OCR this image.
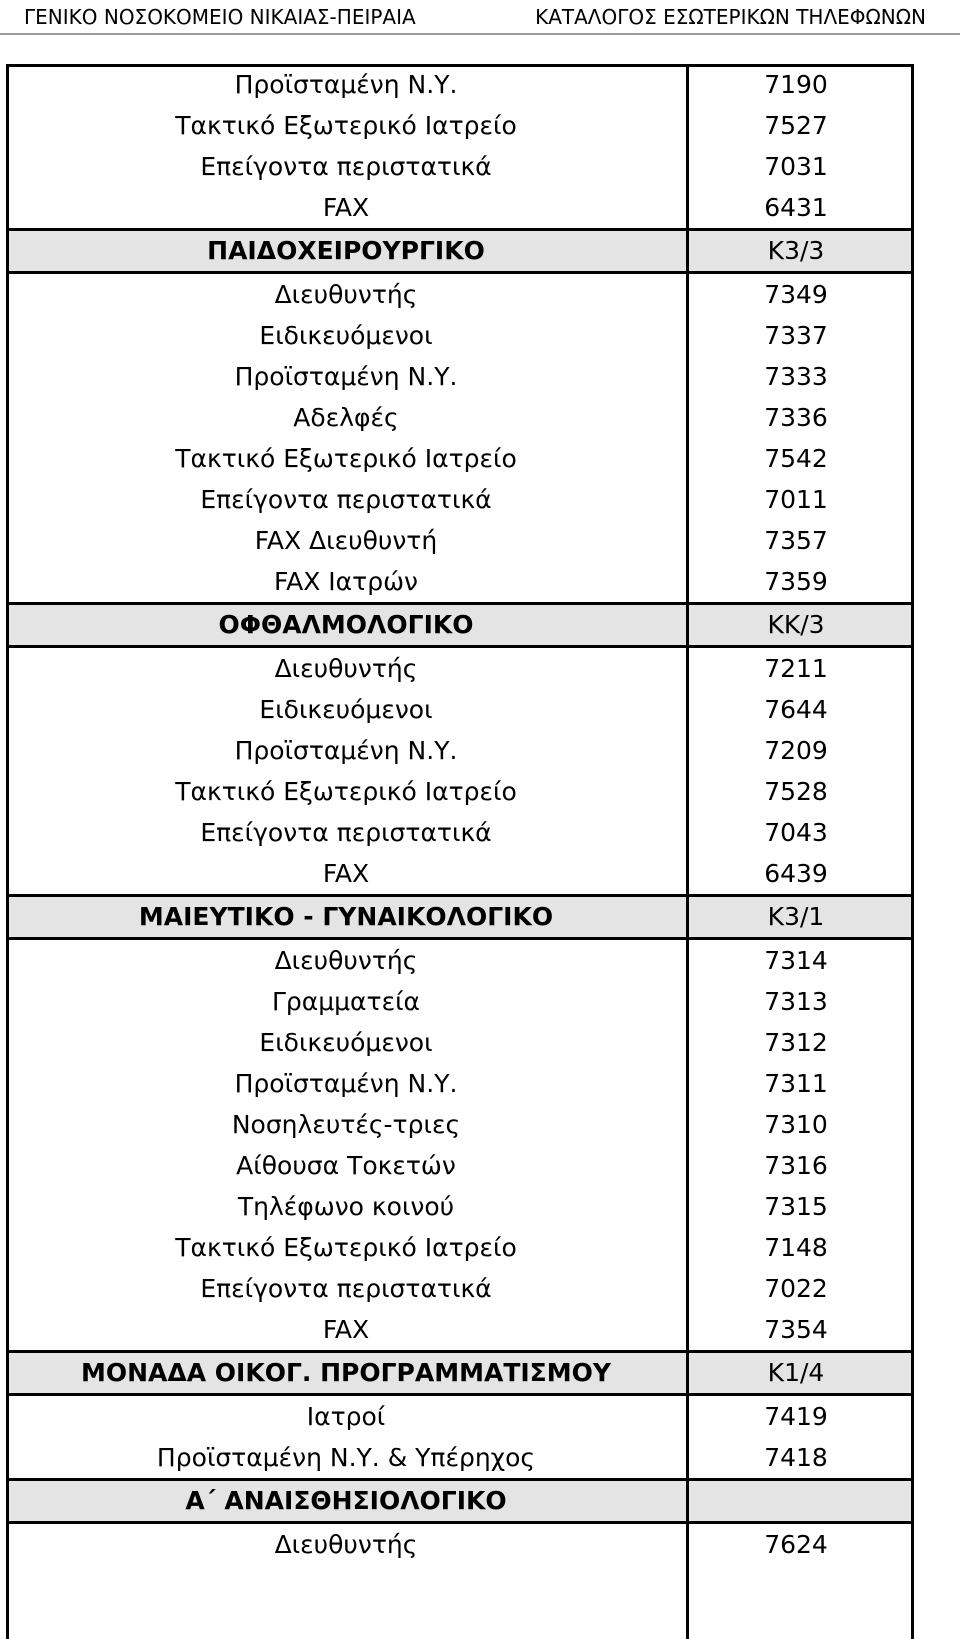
ΓΕΝΙΚΟ ΝΟΣΟΚΟΜΕΙΟ ΝΙΚΑΙΑΣ-ΠΕΙΡΑΙΑ	ΚΑΤΑΛΟΓΟΣ ΕΣΩΤΕΡΙΚΩΝ ΤΗΛΕΦΩΝΩΝ
Προϊσταμένη Ν.Υ.	7190
Τακτικό Εξωτερικό Ιατρείο	7527
Επείγοντα περιστατικά	7031
FAX	6431
ΠΑΙΔΟΧΕΙΡΟΥΡΓΙΚΟ	Κ3/3
Διευθυντής	7349
Ειδικευόμενοι	7337
Προϊσταμένη Ν.Υ.	7333
Αδελφές	7336
Τακτικό Εξωτερικό Ιατρείο	7542
Επείγοντα περιστατικά	7011
FAX Διευθυντή	7357
FAX Ιατρών	7359
ΟΦΘΑΛΜΟΛΟΓΙΚΟ	ΚΚ/3
Διευθυντής	7211
Ειδικευόμενοι	7644
Προϊσταμένη Ν.Υ.	7209
Τακτικό Εξωτερικό Ιατρείο	7528
Επείγοντα περιστατικά	7043
FAX	6439
ΜΑΙΕΥΤΙΚΟ - ΓΥΝΑΙΚΟΛΟΓΙΚΟ	Κ3/1
Διευθυντής	7314
Γραμματεία	7313
Ειδικευόμενοι	7312
Προϊσταμένη Ν.Υ.	7311
Νοσηλευτές-τριες	7310
Αίθουσα Τοκετών	7316
Τηλέφωνο κοινού	7315
Τακτικό Εξωτερικό Ιατρείο	7148
Επείγοντα περιστατικά	7022
FAX	7354
ΜΟΝΑΔΑ ΟΙΚΟΓ. ΠΡΟΓΡΑΜΜΑΤΙΣΜΟΥ	Κ1/4
Ιατροί	7419
Προϊσταμένη Ν.Υ. & Υπέρηχος	7418
Α΄ ΑΝΑΙΣΘΗΣΙΟΛΟΓΙΚΟ
Διευθυντής	7624
